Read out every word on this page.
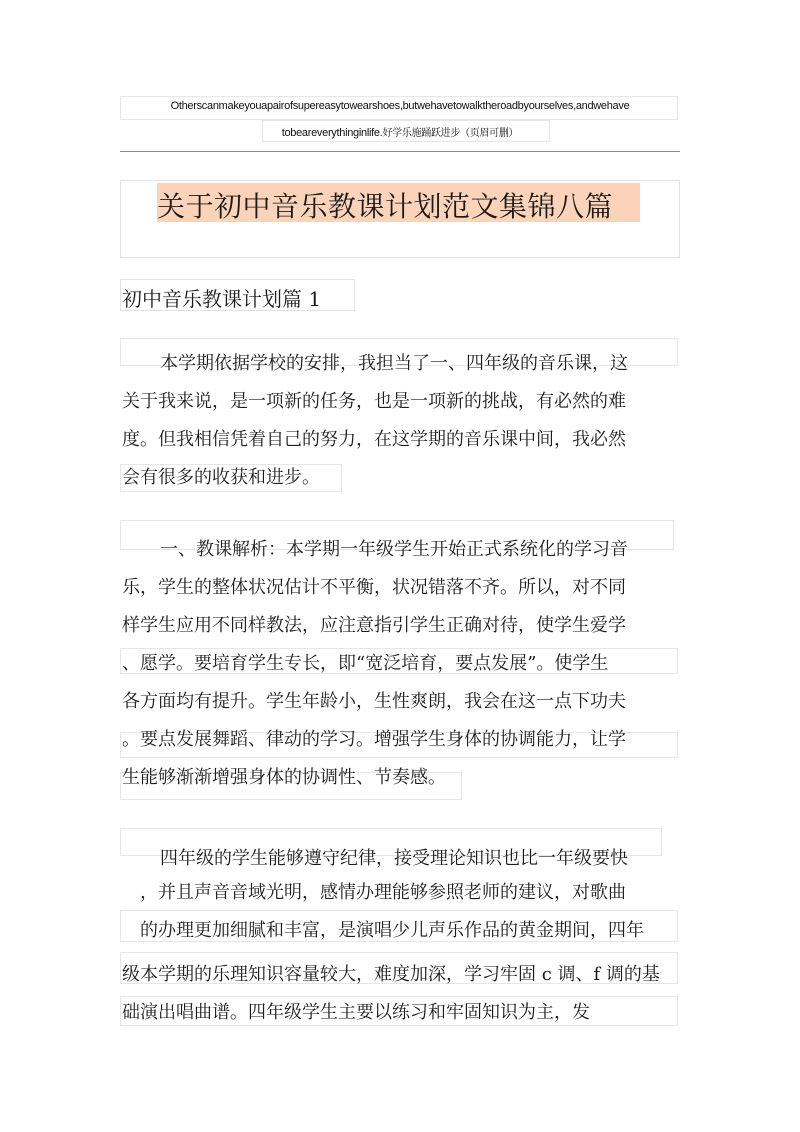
Otherscanmakeyouapairofsupereasytowearshoes,butwehavetowalktheroadbyourselves,andwehave
tobeareverythinginlife.好学乐施踊跃进步（页眉可删）
关于初中音乐教课计划范文集锦八篇
初中音乐教课计划篇 1
本学期依据学校的安排，我担当了一、四年级的音乐课，这
关于我来说，是一项新的任务，也是一项新的挑战，有必然的难
度。但我相信凭着自己的努力，在这学期的音乐课中间，我必然
会有很多的收获和进步。
一、教课解析：本学期一年级学生开始正式系统化的学习音
乐，学生的整体状况估计不平衡，状况错落不齐。所以，对不同
样学生应用不同样教法，应注意指引学生正确对待，使学生爱学
、愿学。要培育学生专长，即“宽泛培育，要点发展”。使学生
各方面均有提升。学生年龄小，生性爽朗，我会在这一点下功夫
。要点发展舞蹈、律动的学习。增强学生身体的协调能力，让学
生能够渐渐增强身体的协调性、节奏感。
四年级的学生能够遵守纪律，接受理论知识也比一年级要快
，并且声音音域光明，感情办理能够参照老师的建议，对歌曲
的办理更加细腻和丰富，是演唱少儿声乐作品的黄金期间，四年
级本学期的乐理知识容量较大，难度加深，学习牢固 c 调、f 调的基
础演出唱曲谱。四年级学生主要以练习和牢固知识为主，发
